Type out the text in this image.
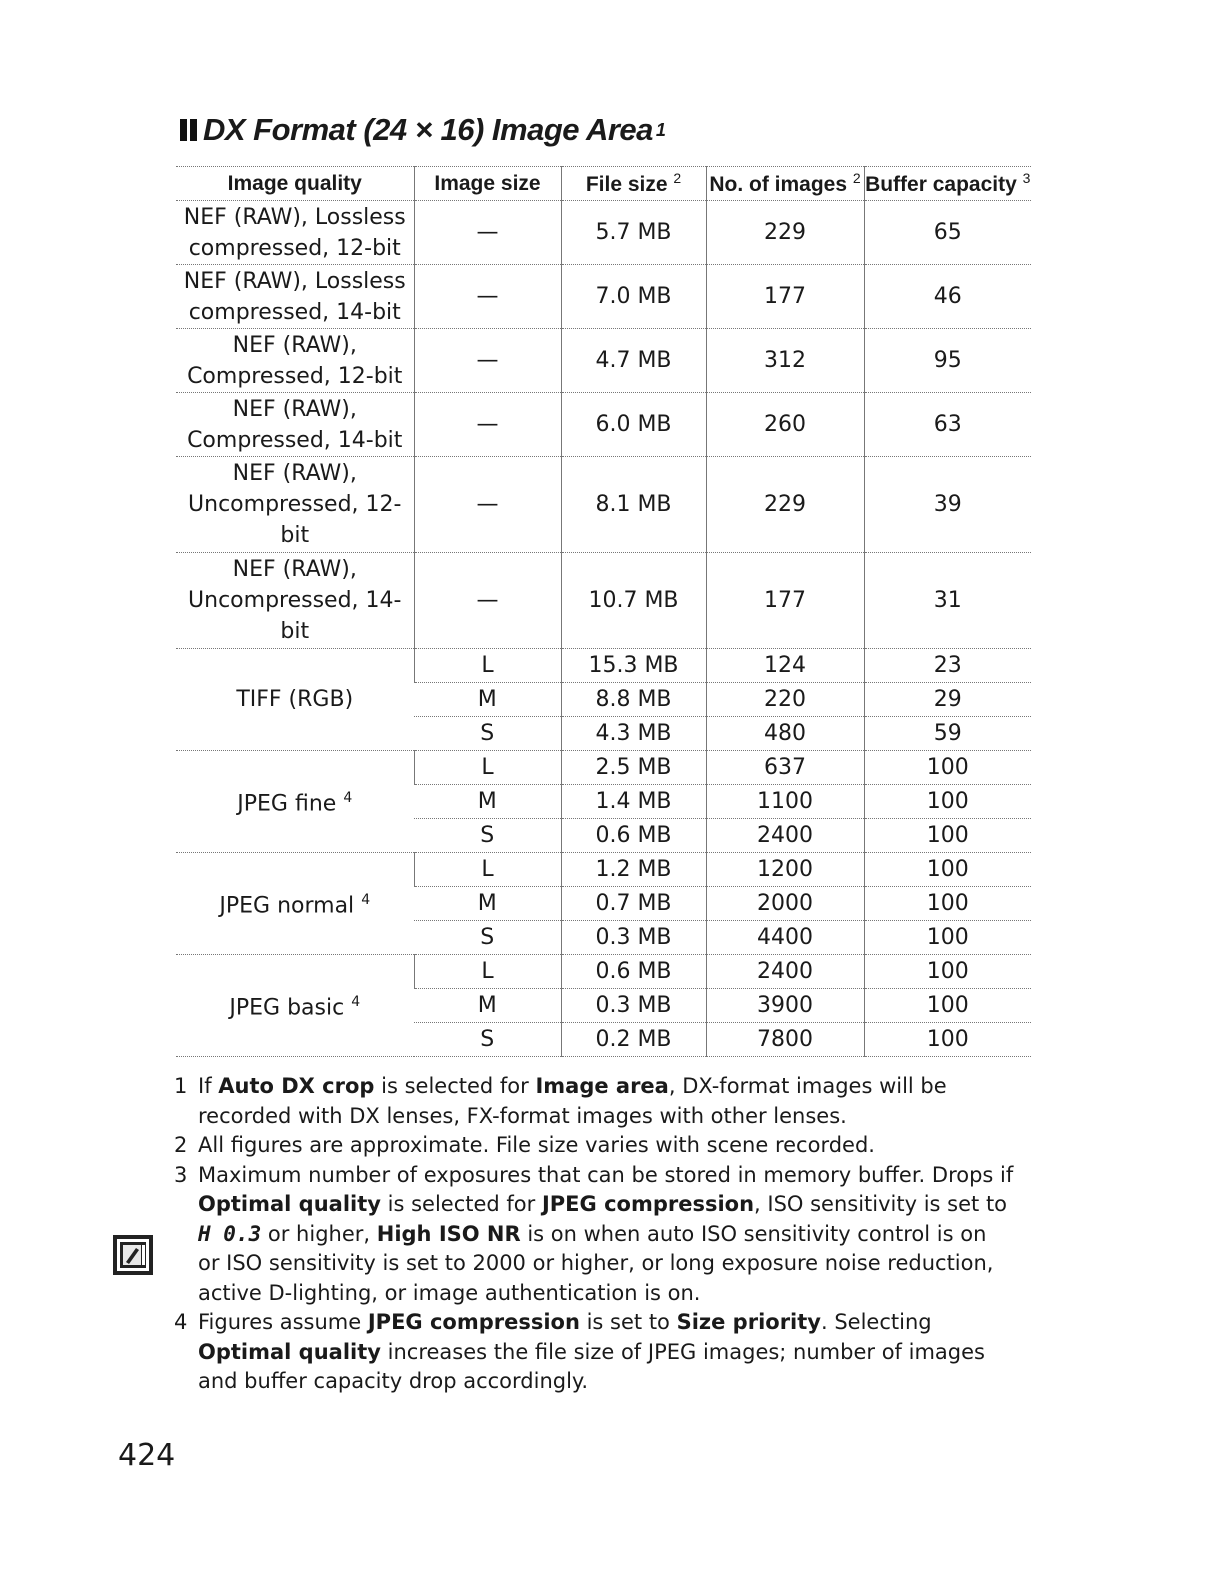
DX Format (24 × 16) Image Area 1
Image quality	Image size	File size $^2$	No. of images $^2$	Buffer capacity $^3$
NEF (RAW), Lossless compressed, 12-bit	—	5.7 MB	229	65
NEF (RAW), Lossless compressed, 14-bit	—	7.0 MB	177	46
NEF (RAW), Compressed, 12-bit	—	4.7 MB	312	95
NEF (RAW), Compressed, 14-bit	—	6.0 MB	260	63
NEF (RAW), Uncompressed, 12-bit	—	8.1 MB	229	39
NEF (RAW), Uncompressed, 14-bit	—	10.7 MB	177	31
TIFF (RGB)	L	15.3 MB	124	23
	M	8.8 MB	220	29
	S	4.3 MB	480	59
JPEG fine $^4$	L	2.5 MB	637	100
	M	1.4 MB	1100	100
	S	0.6 MB	2400	100
JPEG normal $^4$	L	1.2 MB	1200	100
	M	0.7 MB	2000	100
	S	0.3 MB	4400	100
JPEG basic $^4$	L	0.6 MB	2400	100
	M	0.3 MB	3900	100
	S	0.2 MB	7800	100
1 If Auto DX crop is selected for Image area, DX-format images will be recorded with DX lenses, FX-format images with other lenses.
2 All figures are approximate. File size varies with scene recorded.
3 Maximum number of exposures that can be stored in memory buffer. Drops if Optimal quality is selected for JPEG compression, ISO sensitivity is set to H 0.3 or higher, High ISO NR is on when auto ISO sensitivity control is on or ISO sensitivity is set to 2000 or higher, or long exposure noise reduction, active D-lighting, or image authentication is on.
4 Figures assume JPEG compression is set to Size priority. Selecting Optimal quality increases the file size of JPEG images; number of images and buffer capacity drop accordingly.
424
